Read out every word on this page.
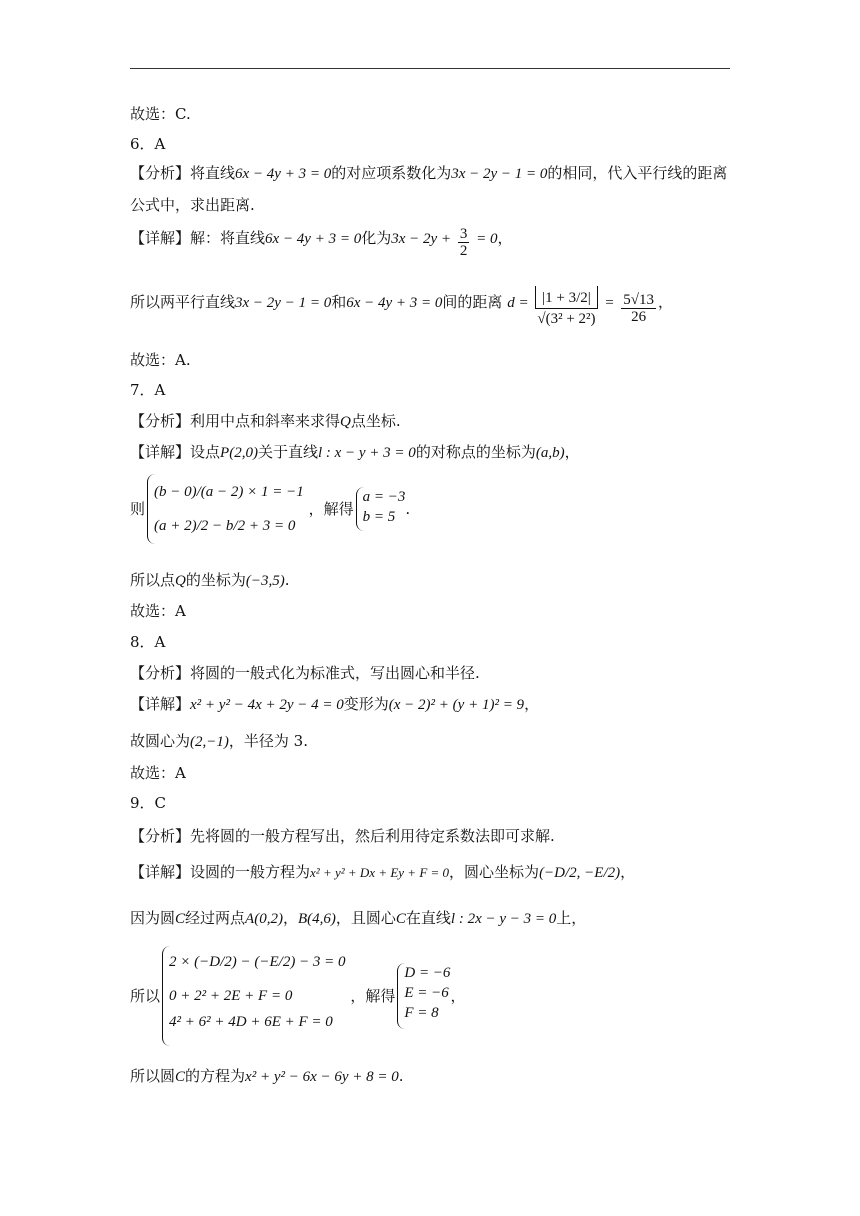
故选：C.
6．A
【分析】将直线6x − 4y + 3 = 0的对应项系数化为3x − 2y − 1 = 0的相同，代入平行线的距离
公式中，求出距离.
【详解】解：将直线6x − 4y + 3 = 0化为$3x - 2y + \frac{3}{2} = 0$，
所以两平行直线3x − 2y − 1 = 0和6x − 4y + 3 = 0间的距离 $d = \frac{|1 + 3/2|}{\text{√(3² + 2²)}} = \frac{5√13}{26}$ ，
故选：A.
7．A
【分析】利用中点和斜率来求得Q点坐标.
【详解】设点P(2,0)关于直线l : x − y + 3 = 0的对称点的坐标为(a,b)，
则
(b − 0)/(a − 2) × 1 = −1
(a + 2)/2 − b/2 + 3 = 0
，解得
a = −3
b = 5 .
所以点Q的坐标为(−3,5).
故选：A
8．A
【分析】将圆的一般式化为标准式，写出圆心和半径.
【详解】x² + y² − 4x + 2y − 4 = 0变形为(x − 2)² + (y + 1)² = 9，
故圆心为(2,−1)，半径为 3.
故选：A
9．C
【分析】先将圆的一般方程写出，然后利用待定系数法即可求解.
【详解】设圆的一般方程为x² + y² + Dx + Ey + F = 0，圆心坐标为(−D/2, −E/2)，
因为圆C经过两点A(0,2)，B(4,6)，且圆心C在直线l : 2x − y − 3 = 0上，
所以
2 × (−D/2) − (−E/2) − 3 = 0
0 + 2² + 2E + F = 0
4² + 6² + 4D + 6E + F = 0
，解得
D = −6
E = −6
F = 8
，
所以圆C的方程为x² + y² − 6x − 6y + 8 = 0.
